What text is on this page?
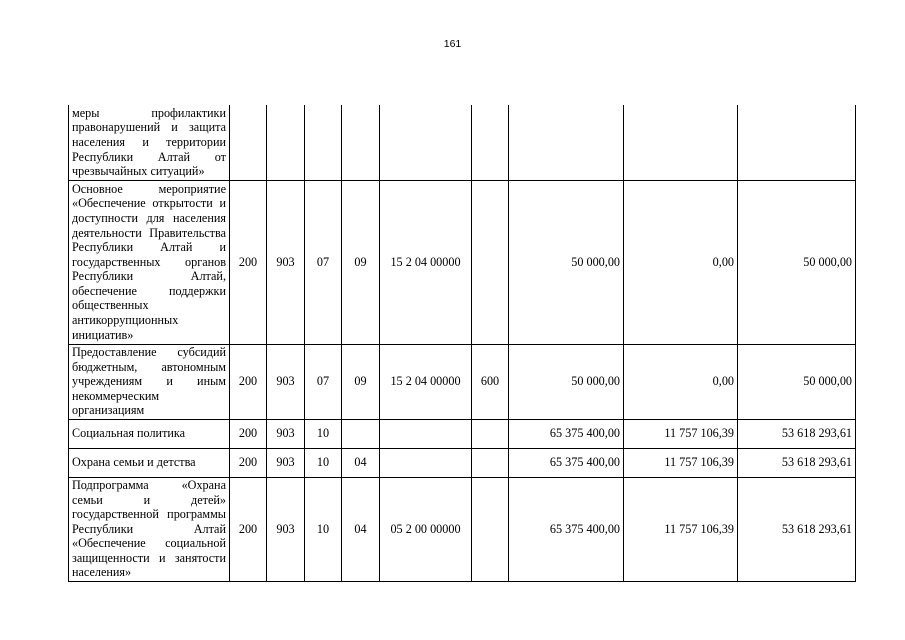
161
меры профилактики правонарушений и защита населения и территории Республики Алтай от чрезвычайных ситуаций»									
Основное мероприятие «Обеспечение открытости и доступности для населения деятельности Правительства Республики Алтай и государственных органов Республики Алтай, обеспечение поддержки общественных антикоррупционных инициатив»	200	903	07	09	15 2 04 00000		50 000,00	0,00	50 000,00
Предоставление субсидий бюджетным, автономным учреждениям и иным некоммерческим организациям	200	903	07	09	15 2 04 00000	600	50 000,00	0,00	50 000,00
Социальная политика	200	903	10				65 375 400,00	11 757 106,39	53 618 293,61
Охрана семьи и детства	200	903	10	04			65 375 400,00	11 757 106,39	53 618 293,61
Подпрограмма «Охрана семьи и детей» государственной программы Республики Алтай «Обеспечение социальной защищенности и занятости населения»	200	903	10	04	05 2 00 00000		65 375 400,00	11 757 106,39	53 618 293,61
